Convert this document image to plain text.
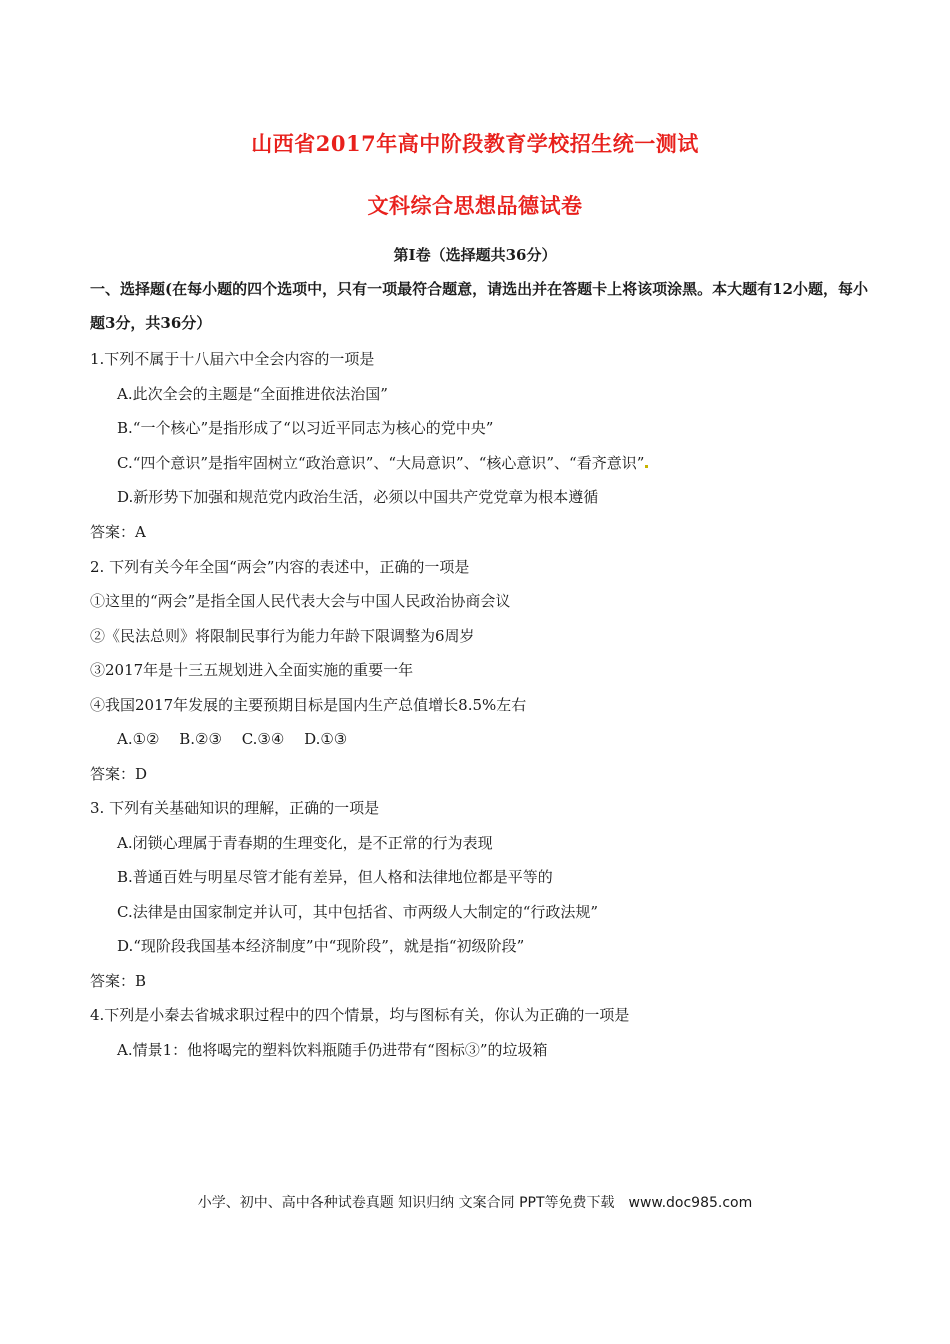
山西省2017年高中阶段教育学校招生统一测试
文科综合思想品德试卷
第Ⅰ卷（选择题共36分）
一、选择题(在每小题的四个选项中，只有一项最符合题意，请选出并在答题卡上将该项涂黑。本大题有12小题，每小题3分，共36分）
1.下列不属于十八届六中全会内容的一项是
A.此次全会的主题是“全面推进依法治国”
B.“一个核心”是指形成了“以习近平同志为核心的党中央”
C.“四个意识”是指牢固树立“政治意识”、“大局意识”、“核心意识”、“看齐意识”
D.新形势下加强和规范党内政治生活，必须以中国共产党党章为根本遵循
答案：A
2. 下列有关今年全国“两会”内容的表述中，正确的一项是
①这里的“两会”是指全国人民代表大会与中国人民政治协商会议
②《民法总则》将限制民事行为能力年龄下限调整为6周岁
③2017年是十三五规划进入全面实施的重要一年
④我国2017年发展的主要预期目标是国内生产总值增长8.5%左右
A.①②　 B.②③　 C.③④　 D.①③
答案：D
3. 下列有关基础知识的理解，正确的一项是
A.闭锁心理属于青春期的生理变化，是不正常的行为表现
B.普通百姓与明星尽管才能有差异，但人格和法律地位都是平等的
C.法律是由国家制定并认可，其中包括省、市两级人大制定的“行政法规”
D.“现阶段我国基本经济制度”中“现阶段”，就是指“初级阶段”
答案：B
4.下列是小秦去省城求职过程中的四个情景，均与图标有关，你认为正确的一项是
A.情景1：他将喝完的塑料饮料瓶随手仍进带有“图标③”的垃圾箱
小学、初中、高中各种试卷真题 知识归纳 文案合同 PPT等免费下载　www.doc985.com
